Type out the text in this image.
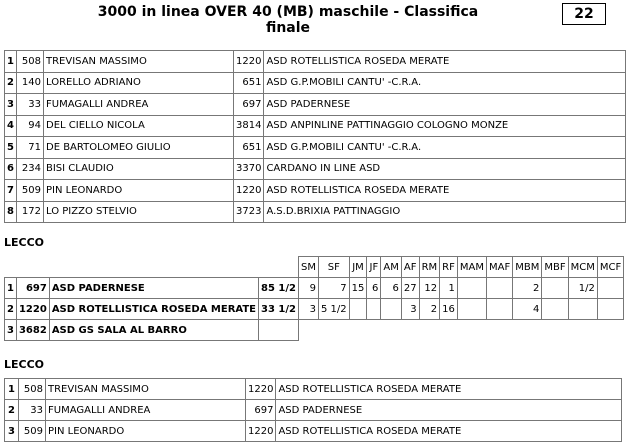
3000 in linea OVER 40 (MB) maschile - Classifica finale
22
1	508	TREVISAN MASSIMO	1220	ASD ROTELLISTICA ROSEDA MERATE
2	140	LORELLO ADRIANO	651	ASD G.P.MOBILI CANTU' -C.R.A.
3	33	FUMAGALLI ANDREA	697	ASD PADERNESE
4	94	DEL CIELLO NICOLA	3814	ASD ANPINLINE PATTINAGGIO COLOGNO MONZE
5	71	DE BARTOLOMEO GIULIO	651	ASD G.P.MOBILI CANTU' -C.R.A.
6	234	BISI CLAUDIO	3370	CARDANO IN LINE ASD
7	509	PIN LEONARDO	1220	ASD ROTELLISTICA ROSEDA MERATE
8	172	LO PIZZO STELVIO	3723	A.S.D.BRIXIA PATTINAGGIO
LECCO
				SM	SF	JM	JF	AM	AF	RM	RF	MAM	MAF	MBM	MBF	MCM	MCF
1	697	ASD PADERNESE	85 1/2	9	7	15	6	6	27	12	1			2		1/2	
2	1220	ASD ROTELLISTICA ROSEDA MERATE	33 1/2	3	5 1/2				3	2	16			4			
3	3682	ASD GS SALA AL BARRO															
LECCO
1	508	TREVISAN MASSIMO	1220	ASD ROTELLISTICA ROSEDA MERATE
2	33	FUMAGALLI ANDREA	697	ASD PADERNESE
3	509	PIN LEONARDO	1220	ASD ROTELLISTICA ROSEDA MERATE
